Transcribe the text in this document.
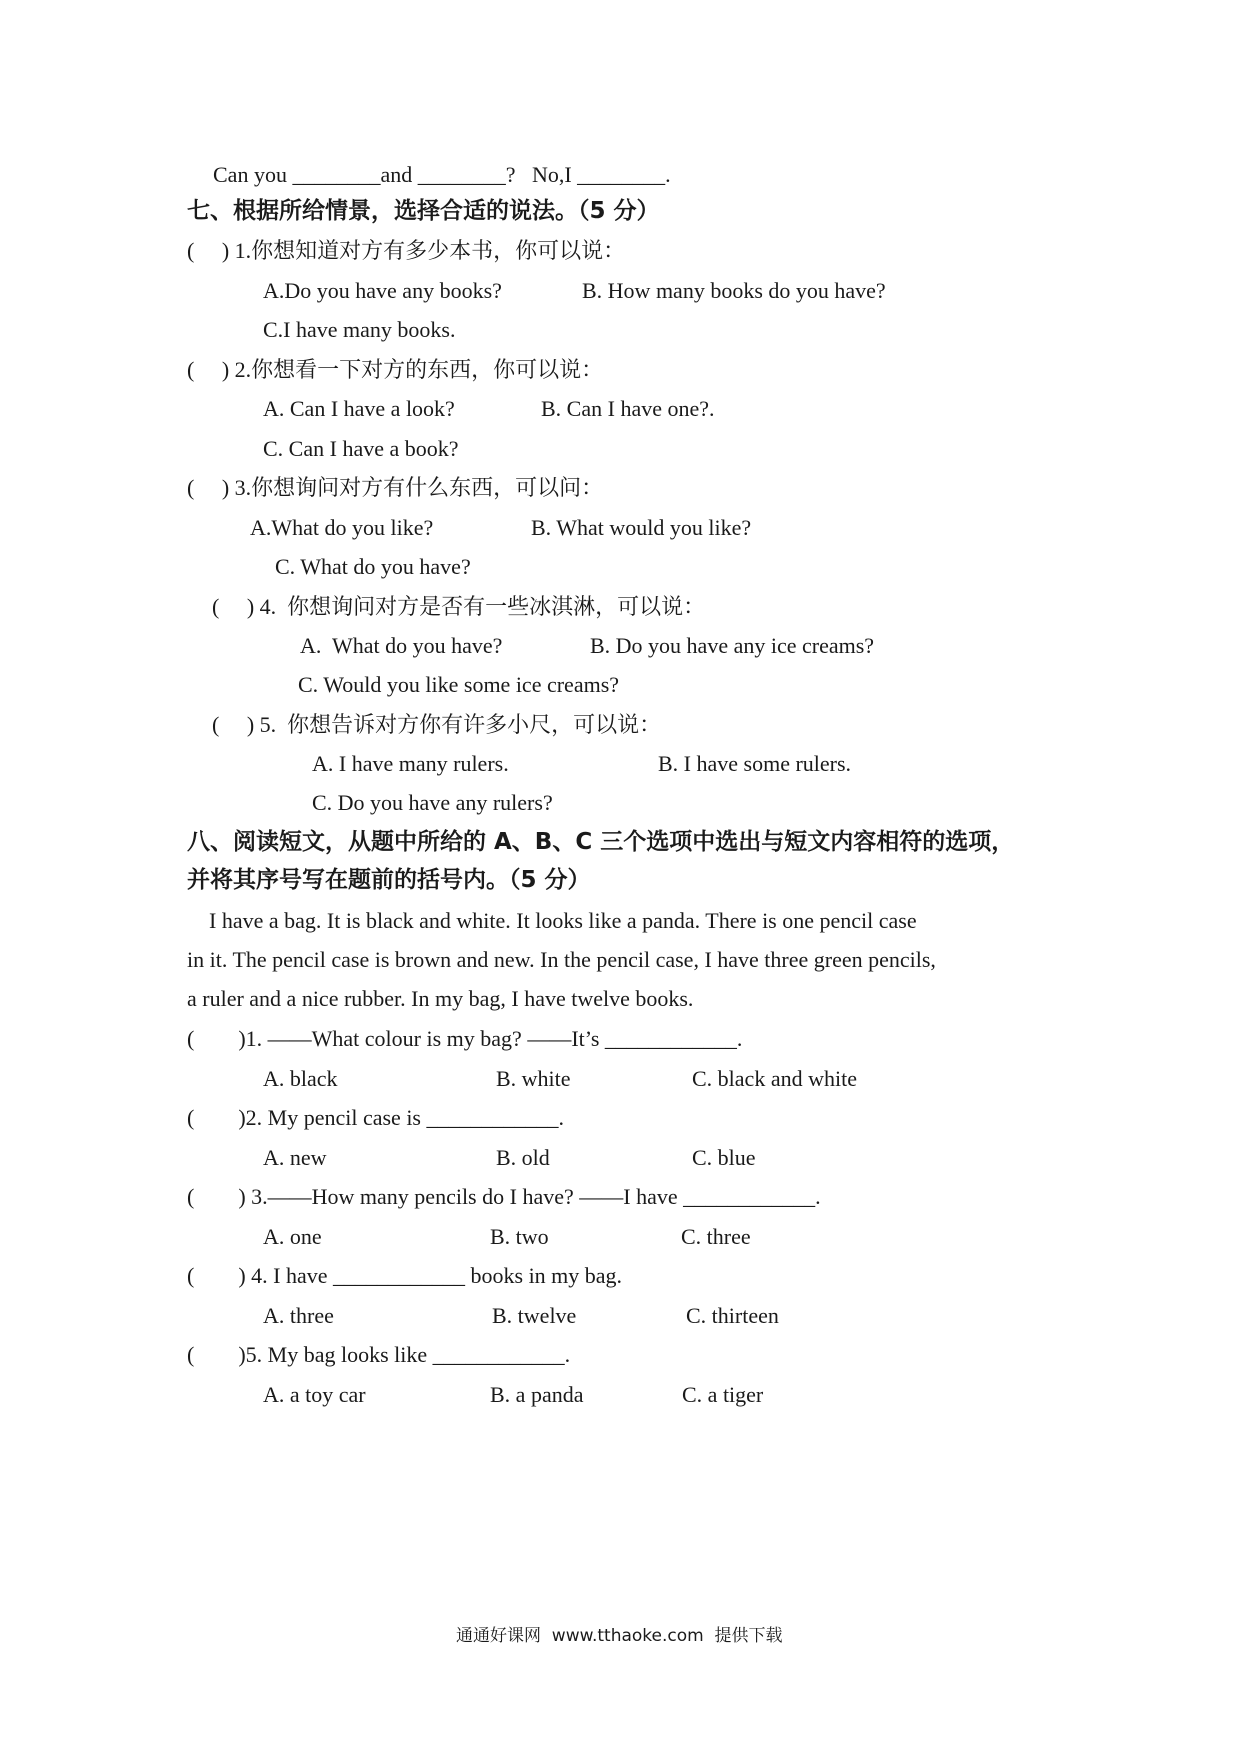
Can you ________and ________?   No,I ________.
七、根据所给情景，选择合适的说法。（5 分）
(     ) 1.你想知道对方有多少本书，你可以说：
A.Do you have any books?	B. How many books do you have?
C.I have many books.
(     ) 2.你想看一下对方的东西，你可以说：
A. Can I have a look?	B. Can I have one?.
C. Can I have a book?
(     ) 3.你想询问对方有什么东西，可以问：
A.What do you like?	B. What would you like?
C. What do you have?
(     ) 4.  你想询问对方是否有一些冰淇淋，可以说：
A.  What do you have?	B. Do you have any ice creams?
C. Would you like some ice creams?
(     ) 5.  你想告诉对方你有许多小尺，可以说：
A. I have many rulers.	B. I have some rulers.
C. Do you have any rulers?
八、阅读短文，从题中所给的 A、B、C 三个选项中选出与短文内容相符的选项，
并将其序号写在题前的括号内。（5 分）
I have a bag. It is black and white. It looks like a panda. There is one pencil case
in it. The pencil case is brown and new. In the pencil case, I have three green pencils,
a ruler and a nice rubber. In my bag, I have twelve books.
(        )1. ——What colour is my bag? ——It’s ____________.
A. black	B. white	C. black and white
(        )2. My pencil case is ____________.
A. new	B. old	C. blue
(        ) 3.——How many pencils do I have? ——I have ____________.
A. one	B. two	C. three
(        ) 4. I have ____________ books in my bag.
A. three	B. twelve	C. thirteen
(        )5. My bag looks like ____________.
A. a toy car	B. a panda	C. a tiger
通通好课网  www.tthaoke.com  提供下载
